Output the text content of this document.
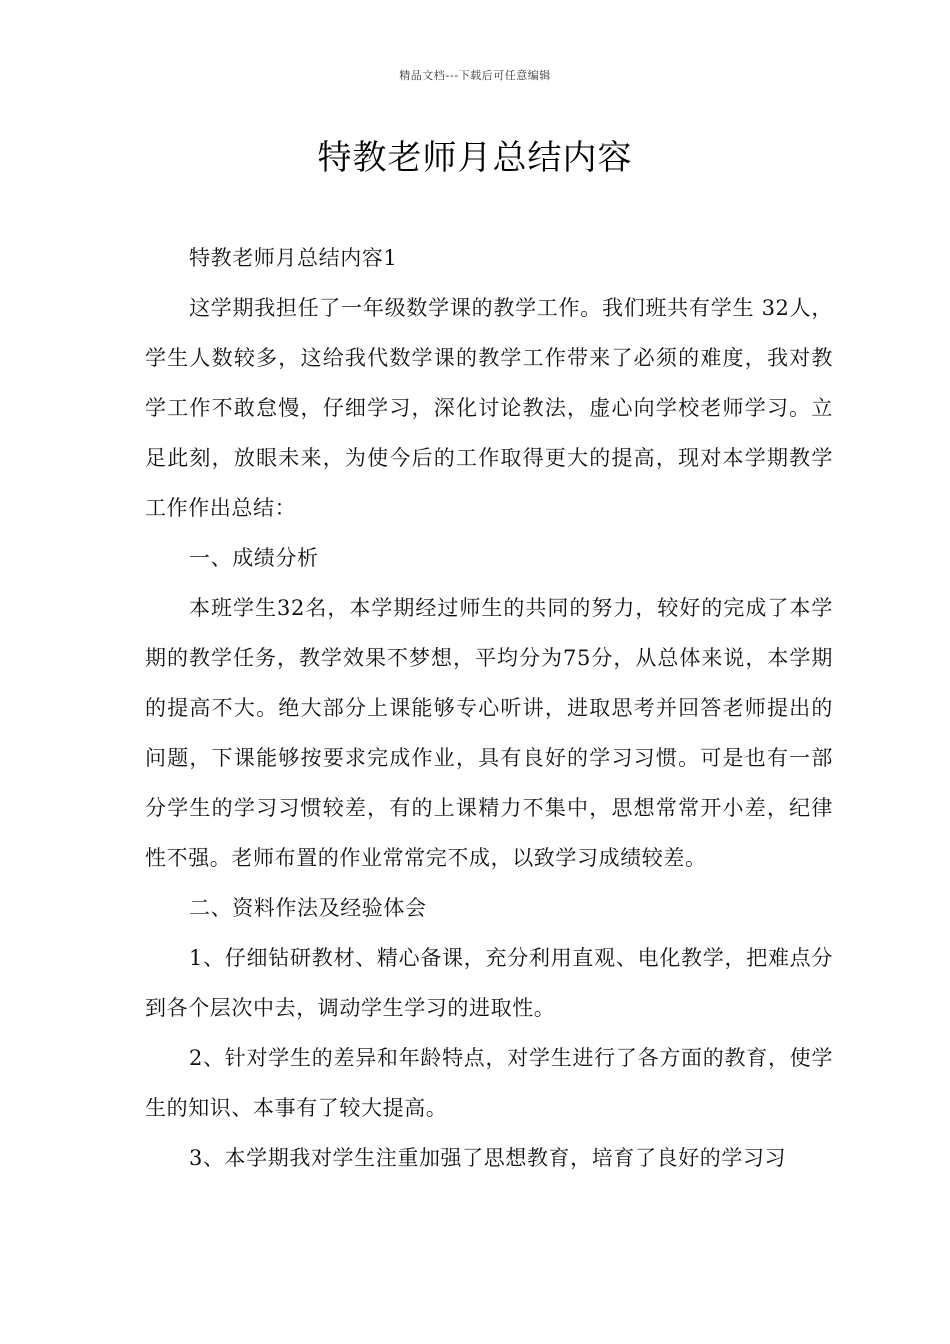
精品文档---下载后可任意编辑
特教老师月总结内容

特教老师月总结内容1

这学期我担任了一年级数学课的教学工作。我们班共有学生 32人，学生人数较多，这给我代数学课的教学工作带来了必须的难度，我对教学工作不敢怠慢，仔细学习，深化讨论教法，虚心向学校老师学习。立足此刻，放眼未来，为使今后的工作取得更大的提高，现对本学期教学工作作出总结：

一、成绩分析

本班学生32名，本学期经过师生的共同的努力，较好的完成了本学期的教学任务，教学效果不梦想，平均分为75分，从总体来说，本学期的提高不大。绝大部分上课能够专心听讲，进取思考并回答老师提出的问题，下课能够按要求完成作业，具有良好的学习习惯。可是也有一部分学生的学习习惯较差，有的上课精力不集中，思想常常开小差，纪律性不强。老师布置的作业常常完不成，以致学习成绩较差。

二、资料作法及经验体会

1、仔细钻研教材、精心备课，充分利用直观、电化教学，把难点分到各个层次中去，调动学生学习的进取性。

2、针对学生的差异和年龄特点，对学生进行了各方面的教育，使学生的知识、本事有了较大提高。

3、本学期我对学生注重加强了思想教育，培育了良好的学习习
